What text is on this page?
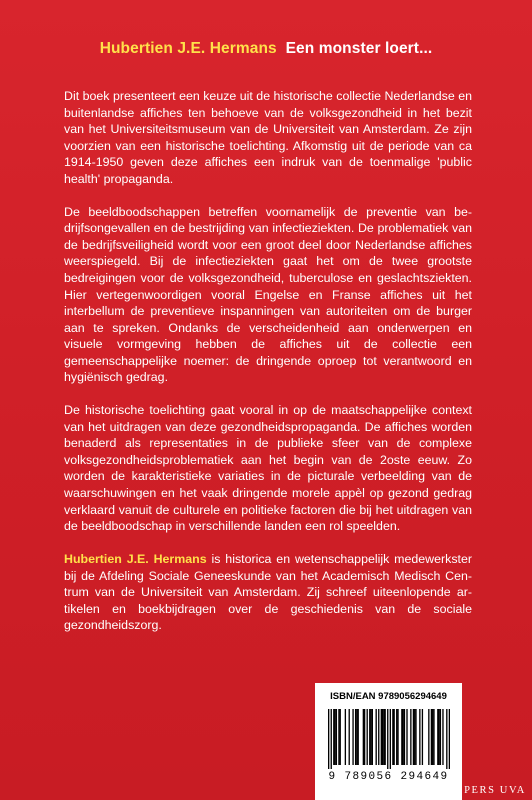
Hubertien J.E. Hermans Een monster loert...

Dit boek presenteert een keuze uit de historische collectie Nederlandse en buitenlandse affiches ten behoeve van de volksgezondheid in het bezit van het Universiteitsmuseum van de Universiteit van Amsterdam. Ze zijn voorzien van een historische toelichting. Afkomstig uit de periode van ca 1914-1950 geven deze affiches een indruk van de toenmalige 'public health' propaganda.

De beeldboodschappen betreffen voornamelijk de preventie van bedrijfsongevallen en de bestrijding van infectieziekten. De problematiek van de bedrijfsveiligheid wordt voor een groot deel door Nederlandse affiches weerspiegeld. Bij de infectieziekten gaat het om de twee grootste bedreigingen voor de volksgezondheid, tuberculose en geslachtsziekten. Hier vertegenwoordigen vooral Engelse en Franse affiches uit het interbellum de preventieve inspanningen van autoriteiten om de burger aan te spreken. Ondanks de verscheidenheid aan onderwerpen en visuele vormgeving hebben de affiches uit de collectie een gemeenschappelijke noemer: de dringende oproep tot verantwoord en hygiënisch gedrag.

De historische toelichting gaat vooral in op de maatschappelijke context van het uitdragen van deze gezondheidspropaganda. De affiches worden benaderd als representaties in de publieke sfeer van de complexe volksgezondheidsproblematiek aan het begin van de 2oste eeuw. Zo worden de karakteristieke variaties in de picturale verbeelding van de waarschuwingen en het vaak dringende morele appèl op gezond gedrag verklaard vanuit de culturele en politieke factoren die bij het uitdragen van de beeldboodschap in verschillende landen een rol speelden.

Hubertien J.E. Hermans is historica en wetenschappelijk medewerkster bij de Afdeling Sociale Geneeskunde van het Academisch Medisch Centrum van de Universiteit van Amsterdam. Zij schreef uiteenlopende artikelen en boekbijdragen over de geschiedenis van de sociale gezondheidszorg.

ISBN/EAN 9789056294649
9 789056 294649
VOSSIUSPERS UVA
